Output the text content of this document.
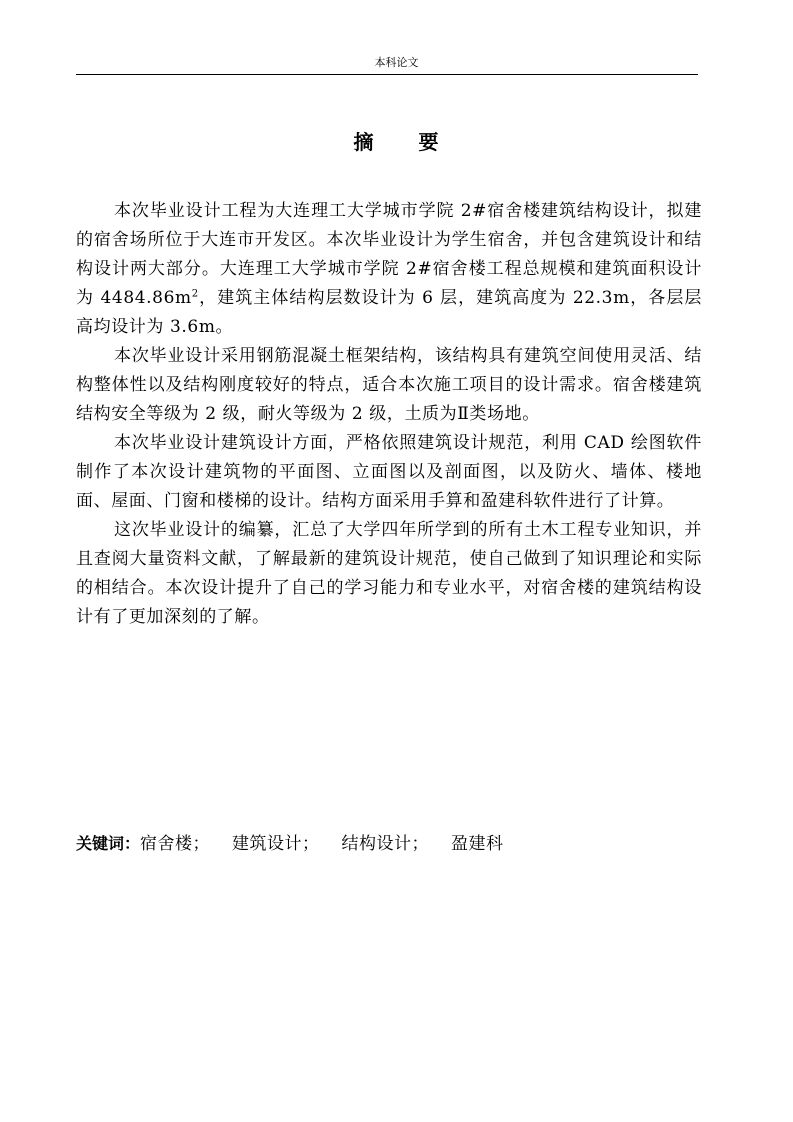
本科论文
摘 要

本次毕业设计工程为大连理工大学城市学院 2#宿舍楼建筑结构设计，拟建的宿舍场所位于大连市开发区。本次毕业设计为学生宿舍，并包含建筑设计和结构设计两大部分。大连理工大学城市学院 2#宿舍楼工程总规模和建筑面积设计为 $4484.86m^2$，建筑主体结构层数设计为 6 层，建筑高度为 22.3m，各层层高均设计为 3.6m。

本次毕业设计采用钢筋混凝土框架结构，该结构具有建筑空间使用灵活、结构整体性以及结构刚度较好的特点，适合本次施工项目的设计需求。宿舍楼建筑结构安全等级为 2 级，耐火等级为 2 级，土质为Ⅱ类场地。

本次毕业设计建筑设计方面，严格依照建筑设计规范，利用 CAD 绘图软件制作了本次设计建筑物的平面图、立面图以及剖面图，以及防火、墙体、楼地面、屋面、门窗和楼梯的设计。结构方面采用手算和盈建科软件进行了计算。

这次毕业设计的编纂，汇总了大学四年所学到的所有土木工程专业知识，并且查阅大量资料文献，了解最新的建筑设计规范，使自己做到了知识理论和实际的相结合。本次设计提升了自己的学习能力和专业水平，对宿舍楼的建筑结构设计有了更加深刻的了解。

关键词：宿舍楼； 建筑设计； 结构设计； 盈建科
